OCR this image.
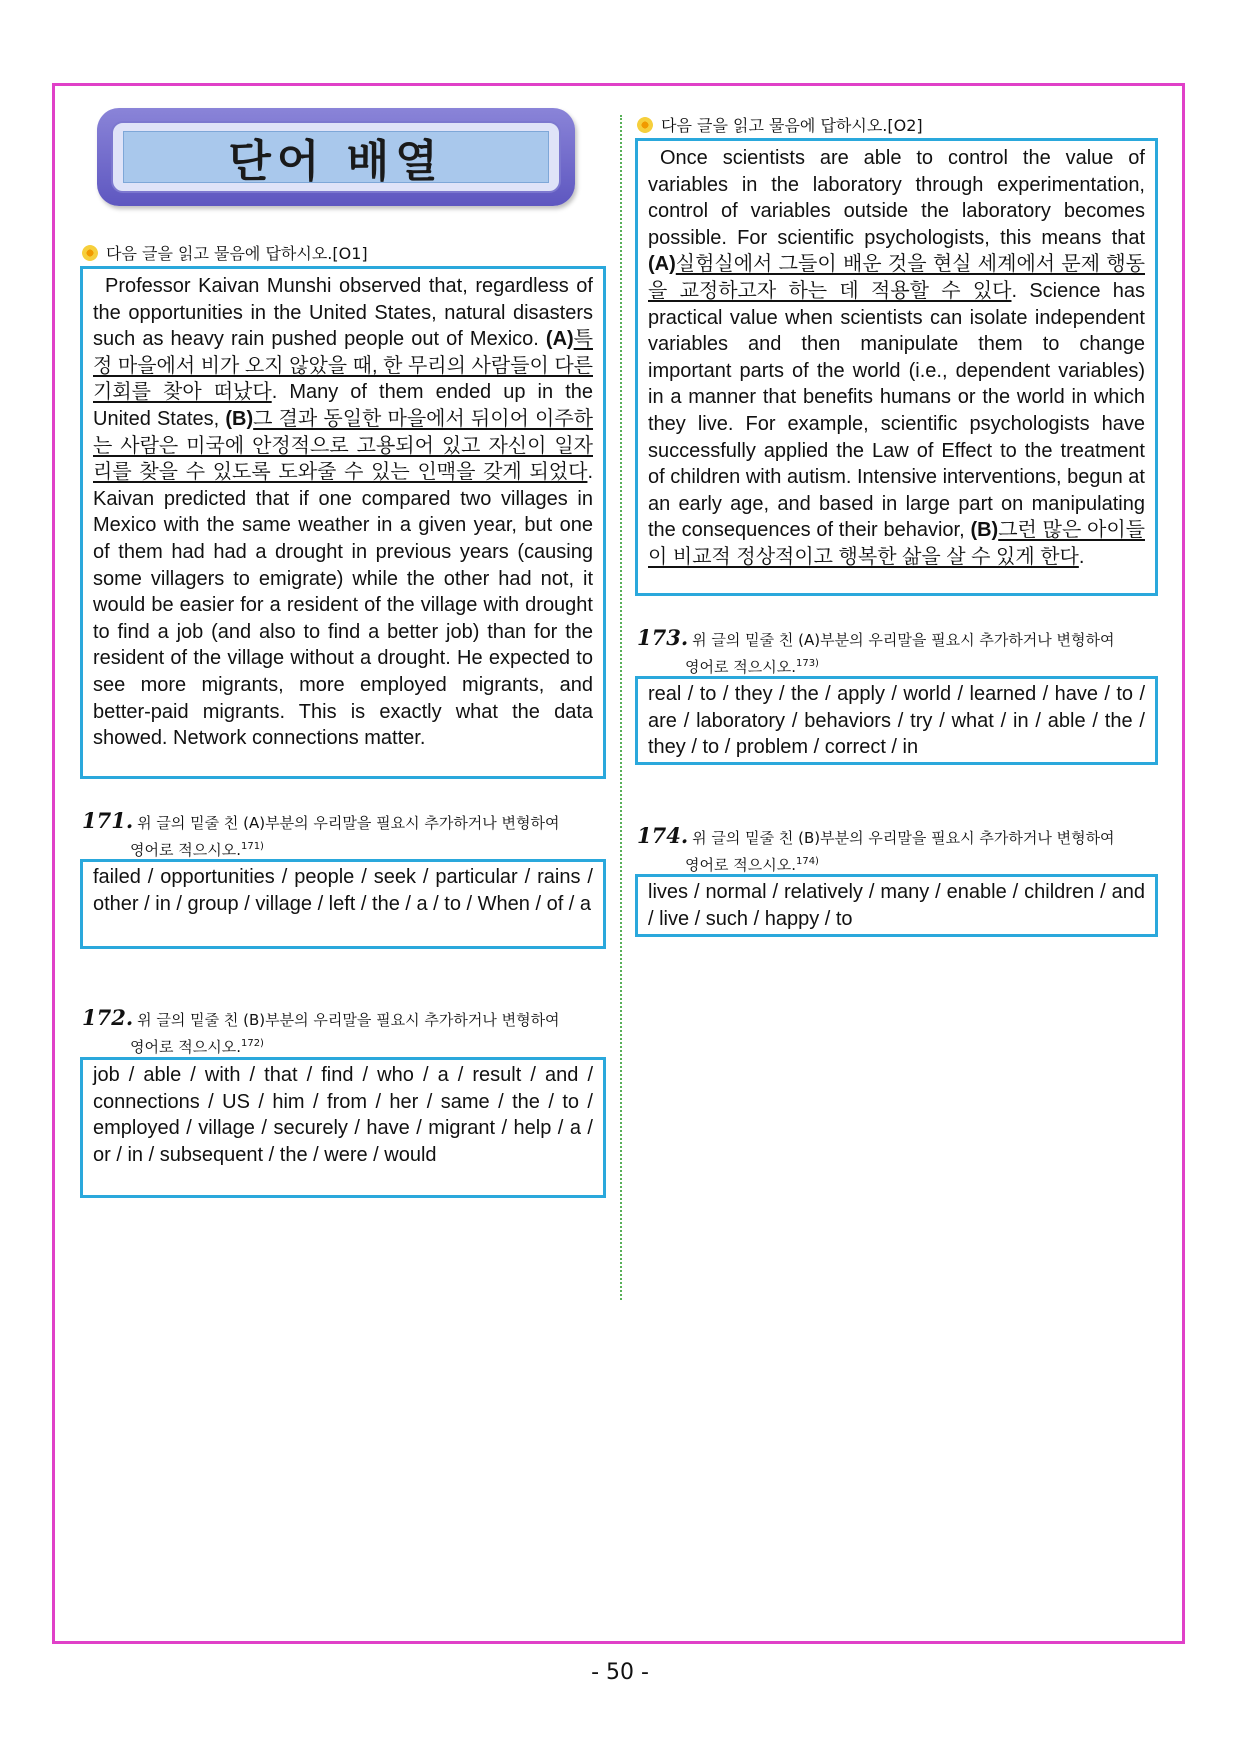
단어 배열
다음 글을 읽고 물음에 답하시오.[O1]

Professor Kaivan Munshi observed that, regardless of the opportunities in the United States, natural disasters such as heavy rain pushed people out of Mexico. (A)특정 마을에서 비가 오지 않았을 때, 한 무리의 사람들이 다른 기회를 찾아 떠났다. Many of them ended up in the United States, (B)그 결과 동일한 마을에서 뒤이어 이주하는 사람은 미국에 안정적으로 고용되어 있고 자신이 일자리를 찾을 수 있도록 도와줄 수 있는 인맥을 갖게 되었다. Kaivan predicted that if one compared two villages in Mexico with the same weather in a given year, but one of them had had a drought in previous years (causing some villagers to emigrate) while the other had not, it would be easier for a resident of the village with drought to find a job (and also to find a better job) than for the resident of the village without a drought. He expected to see more migrants, more employed migrants, and better-paid migrants. This is exactly what the data showed. Network connections matter.

171. 위 글의 밑줄 친 (A)부분의 우리말을 필요시 추가하거나 변형하여
영어로 적으시오.$^{171)}$
failed / opportunities / people / seek / particular / rains / other / in / group / village / left / the / a / to / When / of / a
172. 위 글의 밑줄 친 (B)부분의 우리말을 필요시 추가하거나 변형하여
영어로 적으시오.$^{172)}$
job / able / with / that / find / who / a / result / and / connections / US / him / from / her / same / the / to / employed / village / securely / have / migrant / help / a / or / in / subsequent / the / were / would
다음 글을 읽고 물음에 답하시오.[O2]

Once scientists are able to control the value of variables in the laboratory through experimentation, control of variables outside the laboratory becomes possible. For scientific psychologists, this means that (A)실험실에서 그들이 배운 것을 현실 세계에서 문제 행동을 교정하고자 하는 데 적용할 수 있다. Science has practical value when scientists can isolate independent variables and then manipulate them to change important parts of the world (i.e., dependent variables) in a manner that benefits humans or the world in which they live. For example, scientific psychologists have successfully applied the Law of Effect to the treatment of children with autism. Intensive interventions, begun at an early age, and based in large part on manipulating the consequences of their behavior, (B)그런 많은 아이들이 비교적 정상적이고 행복한 삶을 살 수 있게 한다.

173. 위 글의 밑줄 친 (A)부분의 우리말을 필요시 추가하거나 변형하여
영어로 적으시오.$^{173)}$
real / to / they / the / apply / world / learned / have / to / are / laboratory / behaviors / try / what / in / able / the / they / to / problem / correct / in
174. 위 글의 밑줄 친 (B)부분의 우리말을 필요시 추가하거나 변형하여
영어로 적으시오.$^{174)}$
lives / normal / relatively / many / enable / children / and / live / such / happy / to
- 50 -
